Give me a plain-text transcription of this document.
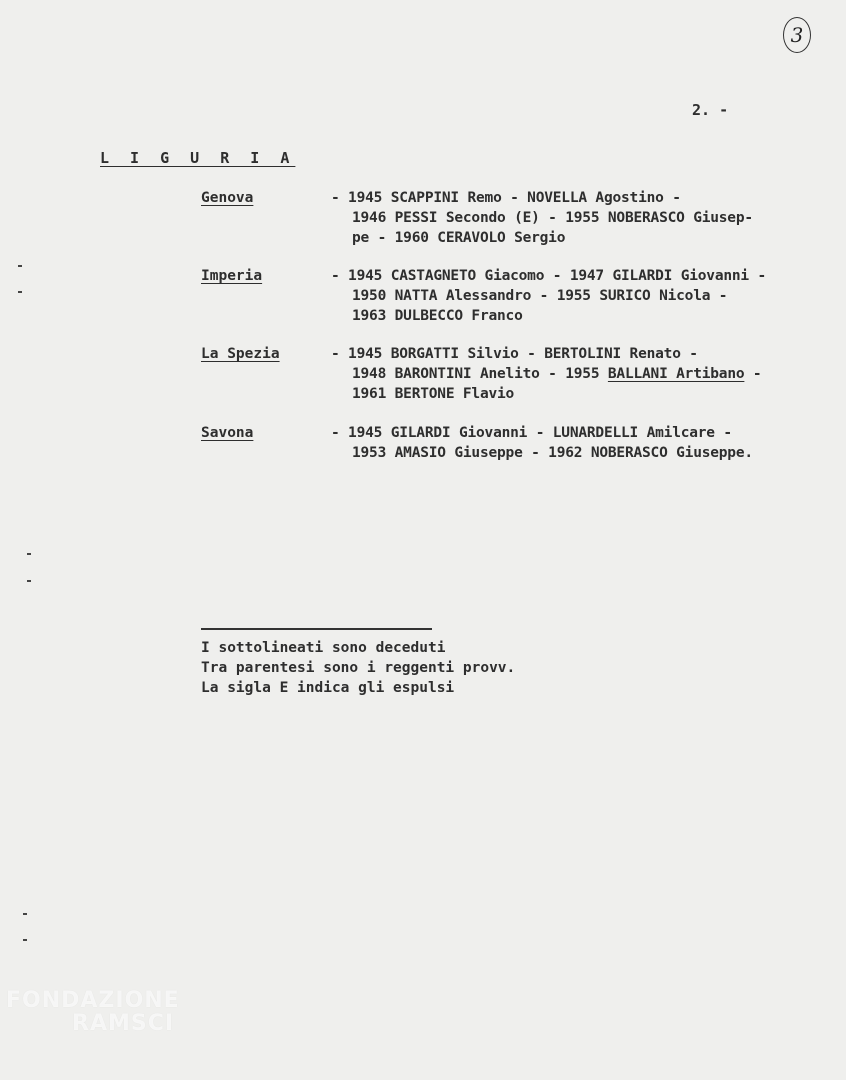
3
2. -
L I G U R I A
Genova	- 1945 SCAPPINI Remo - NOVELLA Agostino -
1946 PESSI Secondo (E) - 1955 NOBERASCO Giusep-
pe - 1960 CERAVOLO Sergio
Imperia	- 1945 CASTAGNETO Giacomo - 1947 GILARDI Giovanni -
1950 NATTA Alessandro - 1955 SURICO Nicola -
1963 DULBECCO Franco
La Spezia	- 1945 BORGATTI Silvio - BERTOLINI Renato -
1948 BARONTINI Anelito - 1955 BALLANI Artibano -
1961 BERTONE Flavio
Savona	- 1945 GILARDI Giovanni - LUNARDELLI Amilcare -
1953 AMASIO Giuseppe - 1962 NOBERASCO Giuseppe.
I sottolineati sono deceduti
Tra parentesi sono i reggenti provv.
La sigla E indica gli espulsi
FONDAZIONE
RAMSCI
